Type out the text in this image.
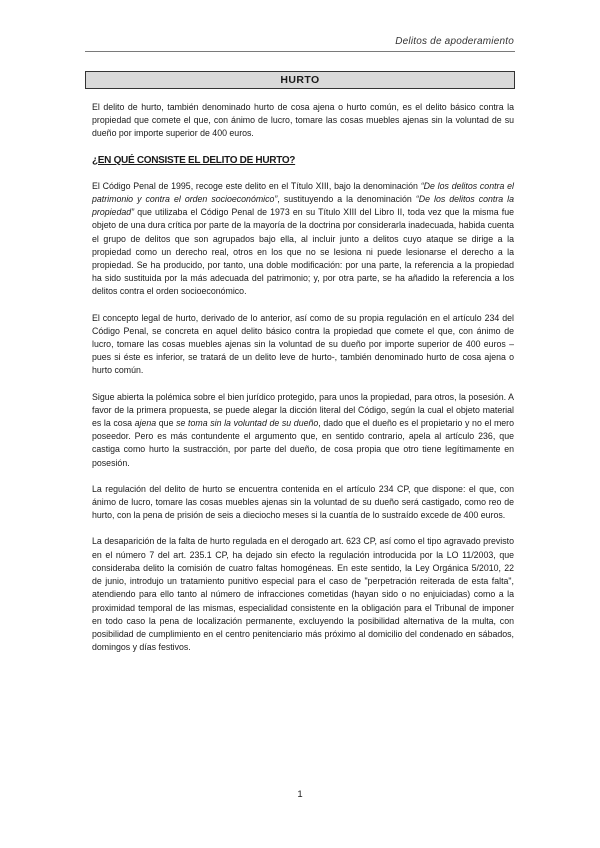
Delitos de apoderamiento
HURTO

El delito de hurto, también denominado hurto de cosa ajena o hurto común, es el delito básico contra la propiedad que comete el que, con ánimo de lucro, tomare las cosas muebles ajenas sin la voluntad de su dueño por importe superior de 400 euros.

¿EN QUÉ CONSISTE EL DELITO DE HURTO?

El Código Penal de 1995, recoge este delito en el Título XIII, bajo la denominación “De los delitos contra el patrimonio y contra el orden socioeconómico”, sustituyendo a la denominación “De los delitos contra la propiedad” que utilizaba el Código Penal de 1973 en su Título XIII del Libro II, toda vez que la misma fue objeto de una dura crítica por parte de la mayoría de la doctrina por considerarla inadecuada, habida cuenta el grupo de delitos que son agrupados bajo ella, al incluir junto a delitos cuyo ataque se dirige a la propiedad como un derecho real, otros en los que no se lesiona ni puede lesionarse el derecho a la propiedad. Se ha producido, por tanto, una doble modificación: por una parte, la referencia a la propiedad ha sido sustituida por la más adecuada del patrimonio; y, por otra parte, se ha añadido la referencia a los delitos contra el orden socioeconómico.

El concepto legal de hurto, derivado de lo anterior, así como de su propia regulación en el artículo 234 del Código Penal, se concreta en aquel delito básico contra la propiedad que comete el que, con ánimo de lucro, tomare las cosas muebles ajenas sin la voluntad de su dueño por importe superior de 400 euros –pues si éste es inferior, se tratará de un delito leve de hurto-, también denominado hurto de cosa ajena o hurto común.

Sigue abierta la polémica sobre el bien jurídico protegido, para unos la propiedad, para otros, la posesión. A favor de la primera propuesta, se puede alegar la dicción literal del Código, según la cual el objeto material es la cosa ajena que se toma sin la voluntad de su dueño, dado que el dueño es el propietario y no el mero poseedor. Pero es más contundente el argumento que, en sentido contrario, apela al artículo 236, que castiga como hurto la sustracción, por parte del dueño, de cosa propia que otro tiene legítimamente en posesión.

La regulación del delito de hurto se encuentra contenida en el artículo 234 CP, que dispone: el que, con ánimo de lucro, tomare las cosas muebles ajenas sin la voluntad de su dueño será castigado, como reo de hurto, con la pena de prisión de seis a dieciocho meses si la cuantía de lo sustraído excede de 400 euros.

La desaparición de la falta de hurto regulada en el derogado art. 623 CP, así como el tipo agravado previsto en el número 7 del art. 235.1 CP, ha dejado sin efecto la regulación introducida por la LO 11/2003, que consideraba delito la comisión de cuatro faltas homogéneas. En este sentido, la Ley Orgánica 5/2010, 22 de junio, introdujo un tratamiento punitivo especial para el caso de "perpetración reiterada de esta falta", atendiendo para ello tanto al número de infracciones cometidas (hayan sido o no enjuiciadas) como a la proximidad temporal de las mismas, especialidad consistente en la obligación para el Tribunal de imponer en todo caso la pena de localización permanente, excluyendo la posibilidad alternativa de la multa, con posibilidad de cumplimiento en el centro penitenciario más próximo al domicilio del condenado en sábados, domingos y días festivos.

1
